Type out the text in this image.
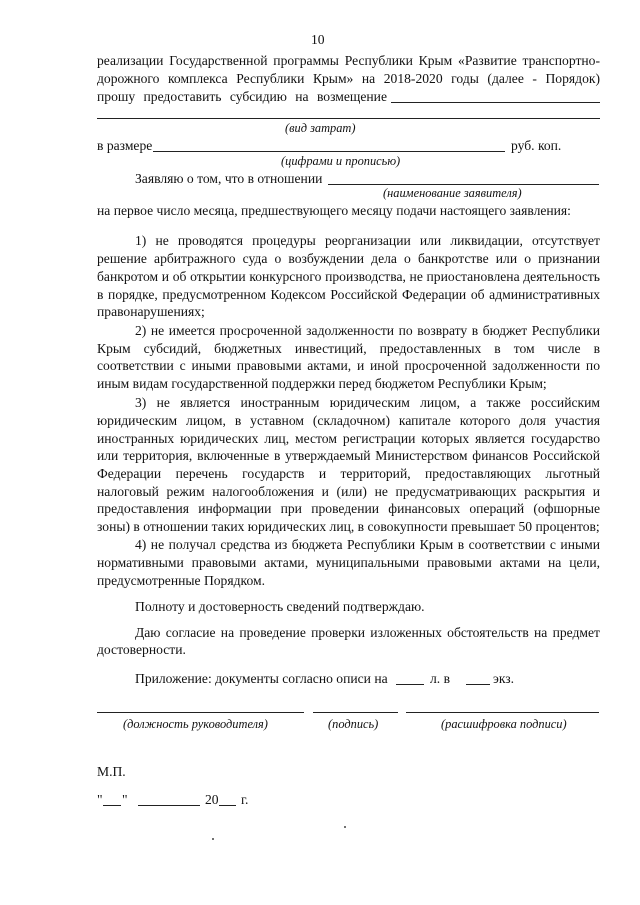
10
реализации Государственной программы Республики Крым «Развитие транспортно-
дорожного комплекса Республики Крым» на 2018-2020 годы (далее - Порядок)
прошу предоставить субсидию на возмещение
(вид затрат)
в размере	руб. коп.
(цифрами и прописью)
Заявляю о том, что в отношении
(наименование заявителя)
на первое число месяца, предшествующего месяцу подачи настоящего заявления:
1) не проводятся процедуры реорганизации или ликвидации, отсутствует
решение арбитражного суда о возбуждении дела о банкротстве или о признании
банкротом и об открытии конкурсного производства, не приостановлена деятельность
в порядке, предусмотренном Кодексом Российской Федерации об административных
правонарушениях;
2) не имеется просроченной задолженности по возврату в бюджет Республики
Крым субсидий, бюджетных инвестиций, предоставленных в том числе в
соответствии с иными правовыми актами, и иной просроченной задолженности по
иным видам государственной поддержки перед бюджетом Республики Крым;
3) не является иностранным юридическим лицом, а также российским
юридическим лицом, в уставном (складочном) капитале которого доля участия
иностранных юридических лиц, местом регистрации которых является государство
или территория, включенные в утверждаемый Министерством финансов Российской
Федерации перечень государств и территорий, предоставляющих льготный
налоговый режим налогообложения и (или) не предусматривающих раскрытия и
предоставления информации при проведении финансовых операций (офшорные
зоны) в отношении таких юридических лиц, в совокупности превышает 50 процентов;
4) не получал средства из бюджета Республики Крым в соответствии с иными
нормативными правовыми актами, муниципальными правовыми актами на цели,
предусмотренные Порядком.
Полноту и достоверность сведений подтверждаю.
Даю согласие на проведение проверки изложенных обстоятельств на предмет
достоверности.
Приложение: документы согласно описи на	л. в	экз.
(должность руководителя)	(подпись)	(расшифровка подписи)
М.П.
" "	20 г.
